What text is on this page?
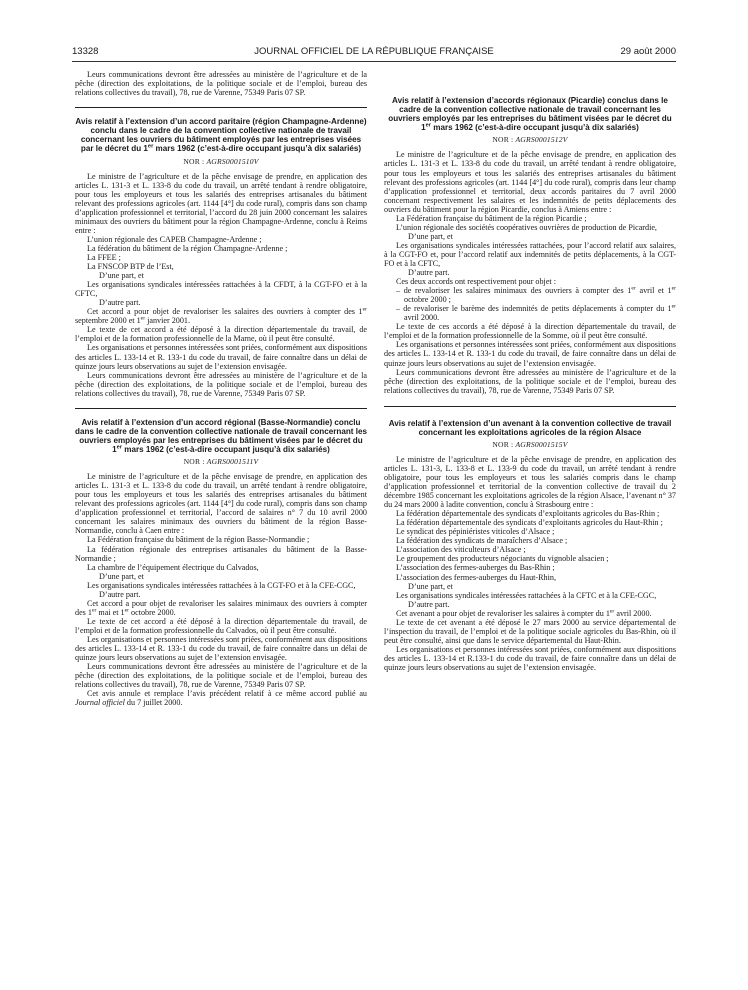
13328	JOURNAL OFFICIEL DE LA RÉPUBLIQUE FRANÇAISE	29 août 2000

Leurs communications devront être adressées au ministère de l’agriculture et de la pêche (direction des exploitations, de la politique sociale et de l’emploi, bureau des relations collectives du travail), 78, rue de Varenne, 75349 Paris 07 SP.

Avis relatif à l’extension d’un accord paritaire (région Champagne-Ardenne) conclu dans le cadre de la convention collective nationale de travail concernant les ouvriers du bâtiment employés par les entreprises visées par le décret du 1er mars 1962 (c’est-à-dire occupant jusqu’à dix salariés)
NOR : AGRS0001510V

Le ministre de l’agriculture et de la pêche envisage de prendre, en application des articles L. 131-3 et L. 133-8 du code du travail, un arrêté tendant à rendre obligatoire, pour tous les employeurs et tous les salariés des entreprises artisanales du bâtiment relevant des professions agricoles (art. 1144 [4°] du code rural), compris dans son champ d’application professionnel et territorial, l’accord du 28 juin 2000 concernant les salaires minimaux des ouvriers du bâtiment pour la région Champagne-Ardenne, conclu à Reims entre :

L’union régionale des CAPEB Champagne-Ardenne ;

La fédération du bâtiment de la région Champagne-Ardenne ;

La FFEE ;

La FNSCOP BTP de l’Est,

D’une part, et

Les organisations syndicales intéressées rattachées à la CFDT, à la CGT-FO et à la CFTC,

D’autre part.

Cet accord a pour objet de revaloriser les salaires des ouvriers à compter des 1er septembre 2000 et 1er janvier 2001.

Le texte de cet accord a été déposé à la direction départementale du travail, de l’emploi et de la formation professionnelle de la Marne, où il peut être consulté.

Les organisations et personnes intéressées sont priées, conformément aux dispositions des articles L. 133-14 et R. 133-1 du code du travail, de faire connaître dans un délai de quinze jours leurs observations au sujet de l’extension envisagée.

Leurs communications devront être adressées au ministère de l’agriculture et de la pêche (direction des exploitations, de la politique sociale et de l’emploi, bureau des relations collectives du travail), 78, rue de Varenne, 75349 Paris 07 SP.

Avis relatif à l’extension d’un accord régional (Basse-Normandie) conclu dans le cadre de la convention collective nationale de travail concernant les ouvriers employés par les entreprises du bâtiment visées par le décret du 1er mars 1962 (c’est-à-dire occupant jusqu’à dix salariés)
NOR : AGRS0001511V

Le ministre de l’agriculture et de la pêche envisage de prendre, en application des articles L. 131-3 et L. 133-8 du code du travail, un arrêté tendant à rendre obligatoire, pour tous les employeurs et tous les salariés des entreprises artisanales du bâtiment relevant des professions agricoles (art. 1144 [4°] du code rural), compris dans son champ d’application professionnel et territorial, l’accord de salaires n° 7 du 10 avril 2000 concernant les salaires minimaux des ouvriers du bâtiment de la région Basse-Normandie, conclu à Caen entre :

La Fédération française du bâtiment de la région Basse-Normandie ;

La fédération régionale des entreprises artisanales du bâtiment de la Basse-Normandie ;

La chambre de l’équipement électrique du Calvados,

D’une part, et

Les organisations syndicales intéressées rattachées à la CGT-FO et à la CFE-CGC,

D’autre part.

Cet accord a pour objet de revaloriser les salaires minimaux des ouvriers à compter des 1er mai et 1er octobre 2000.

Le texte de cet accord a été déposé à la direction départementale du travail, de l’emploi et de la formation professionnelle du Calvados, où il peut être consulté.

Les organisations et personnes intéressées sont priées, conformément aux dispositions des articles L. 133-14 et R. 133-1 du code du travail, de faire connaître dans un délai de quinze jours leurs observations au sujet de l’extension envisagée.

Leurs communications devront être adressées au ministère de l’agriculture et de la pêche (direction des exploitations, de la politique sociale et de l’emploi, bureau des relations collectives du travail), 78, rue de Varenne, 75349 Paris 07 SP.

Cet avis annule et remplace l’avis précédent relatif à ce même accord publié au Journal officiel du 7 juillet 2000.

Avis relatif à l’extension d’accords régionaux (Picardie) conclus dans le cadre de la convention collective nationale de travail concernant les ouvriers employés par les entreprises du bâtiment visées par le décret du 1er mars 1962 (c’est-à-dire occupant jusqu’à dix salariés)
NOR : AGRS0001512V

Le ministre de l’agriculture et de la pêche envisage de prendre, en application des articles L. 131-3 et L. 133-8 du code du travail, un arrêté tendant à rendre obligatoire, pour tous les employeurs et tous les salariés des entreprises artisanales du bâtiment relevant des professions agricoles (art. 1144 [4°] du code rural), compris dans leur champ d’application professionnel et territorial, deux accords paritaires du 7 avril 2000 concernant respectivement les salaires et les indemnités de petits déplacements des ouvriers du bâtiment pour la région Picardie, conclus à Amiens entre :

La Fédération française du bâtiment de la région Picardie ;

L’union régionale des sociétés coopératives ouvrières de production de Picardie,

D’une part, et

Les organisations syndicales intéressées rattachées, pour l’accord relatif aux salaires, à la CGT-FO et, pour l’accord relatif aux indemnités de petits déplacements, à la CGT-FO et à la CFTC,

D’autre part.

Ces deux accords ont respectivement pour objet :

– de revaloriser les salaires minimaux des ouvriers à compter des 1er avril et 1er octobre 2000 ;

– de revaloriser le barème des indemnités de petits déplacements à compter du 1er avril 2000.

Le texte de ces accords a été déposé à la direction départementale du travail, de l’emploi et de la formation professionnelle de la Somme, où il peut être consulté.

Les organisations et personnes intéressées sont priées, conformément aux dispositions des articles L. 133-14 et R. 133-1 du code du travail, de faire connaître dans un délai de quinze jours leurs observations au sujet de l’extension envisagée.

Leurs communications devront être adressées au ministère de l’agriculture et de la pêche (direction des exploitations, de la politique sociale et de l’emploi, bureau des relations collectives du travail), 78, rue de Varenne, 75349 Paris 07 SP.

Avis relatif à l’extension d’un avenant à la convention collective de travail concernant les exploitations agricoles de la région Alsace
NOR : AGRS0001515V

Le ministre de l’agriculture et de la pêche envisage de prendre, en application des articles L. 131-3, L. 133-8 et L. 133-9 du code du travail, un arrêté tendant à rendre obligatoire, pour tous les employeurs et tous les salariés compris dans le champ d’application professionnel et territorial de la convention collective de travail du 2 décembre 1985 concernant les exploitations agricoles de la région Alsace, l’avenant n° 37 du 24 mars 2000 à ladite convention, conclu à Strasbourg entre :

La fédération départementale des syndicats d’exploitants agricoles du Bas-Rhin ;

La fédération départementale des syndicats d’exploitants agricoles du Haut-Rhin ;

Le syndicat des pépiniéristes viticoles d’Alsace ;

La fédération des syndicats de maraîchers d’Alsace ;

L’association des viticulteurs d’Alsace ;

Le groupement des producteurs négociants du vignoble alsacien ;

L’association des fermes-auberges du Bas-Rhin ;

L’association des fermes-auberges du Haut-Rhin,

D’une part, et

Les organisations syndicales intéressées rattachées à la CFTC et à la CFE-CGC,

D’autre part.

Cet avenant a pour objet de revaloriser les salaires à compter du 1er avril 2000.

Le texte de cet avenant a été déposé le 27 mars 2000 au service départemental de l’inspection du travail, de l’emploi et de la politique sociale agricoles du Bas-Rhin, où il peut être consulté, ainsi que dans le service départemental du Haut-Rhin.

Les organisations et personnes intéressées sont priées, conformément aux dispositions des articles L. 133-14 et R.133-1 du code du travail, de faire connaître dans un délai de quinze jours leurs observations au sujet de l’extension envisagée.
